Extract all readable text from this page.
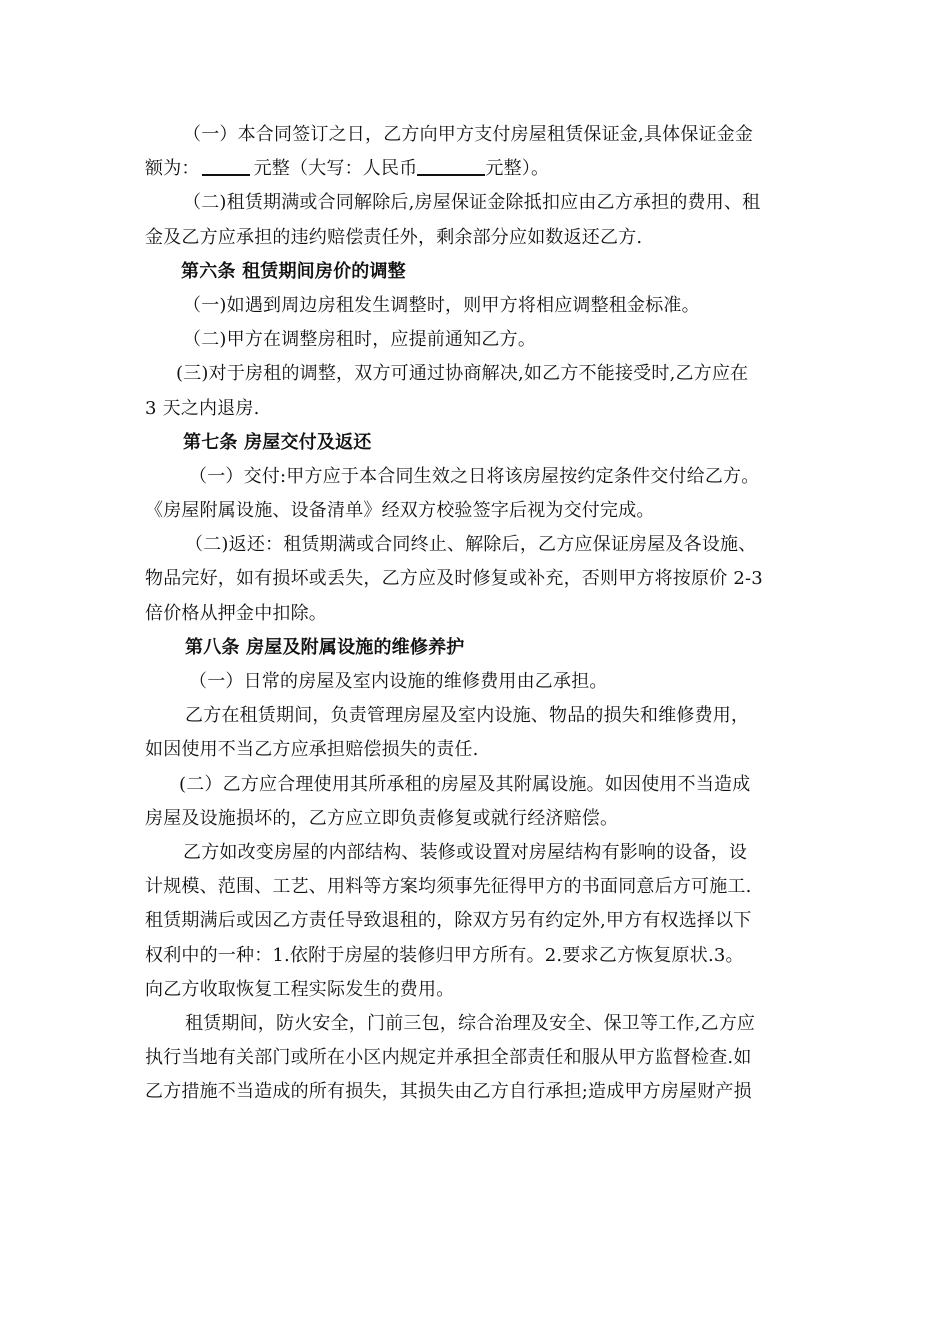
（一）本合同签订之日，乙方向甲方支付房屋租赁保证金,具体保证金金
额为：	元整（大写：人民币	元整）。
（二)租赁期满或合同解除后,房屋保证金除抵扣应由乙方承担的费用、租
金及乙方应承担的违约赔偿责任外，剩余部分应如数返还乙方.
第六条 租赁期间房价的调整
（一)如遇到周边房租发生调整时，则甲方将相应调整租金标准。
（二)甲方在调整房租时，应提前通知乙方。
(三)对于房租的调整，双方可通过协商解决,如乙方不能接受时,乙方应在
3 天之内退房.
第七条 房屋交付及返还
（一）交付:甲方应于本合同生效之日将该房屋按约定条件交付给乙方。
《房屋附属设施、设备清单》经双方校验签字后视为交付完成。
（二)返还：租赁期满或合同终止、解除后，乙方应保证房屋及各设施、
物品完好，如有损坏或丢失，乙方应及时修复或补充，否则甲方将按原价 2-3
倍价格从押金中扣除。
第八条 房屋及附属设施的维修养护
（一）日常的房屋及室内设施的维修费用由乙承担。
乙方在租赁期间，负责管理房屋及室内设施、物品的损失和维修费用，
如因使用不当乙方应承担赔偿损失的责任.
(二）乙方应合理使用其所承租的房屋及其附属设施。如因使用不当造成
房屋及设施损坏的，乙方应立即负责修复或就行经济赔偿。
乙方如改变房屋的内部结构、装修或设置对房屋结构有影响的设备，设
计规模、范围、工艺、用料等方案均须事先征得甲方的书面同意后方可施工.
租赁期满后或因乙方责任导致退租的，除双方另有约定外,甲方有权选择以下
权利中的一种：1.依附于房屋的装修归甲方所有。2.要求乙方恢复原状.3。
向乙方收取恢复工程实际发生的费用。
租赁期间，防火安全，门前三包，综合治理及安全、保卫等工作,乙方应
执行当地有关部门或所在小区内规定并承担全部责任和服从甲方监督检查.如
乙方措施不当造成的所有损失，其损失由乙方自行承担;造成甲方房屋财产损
